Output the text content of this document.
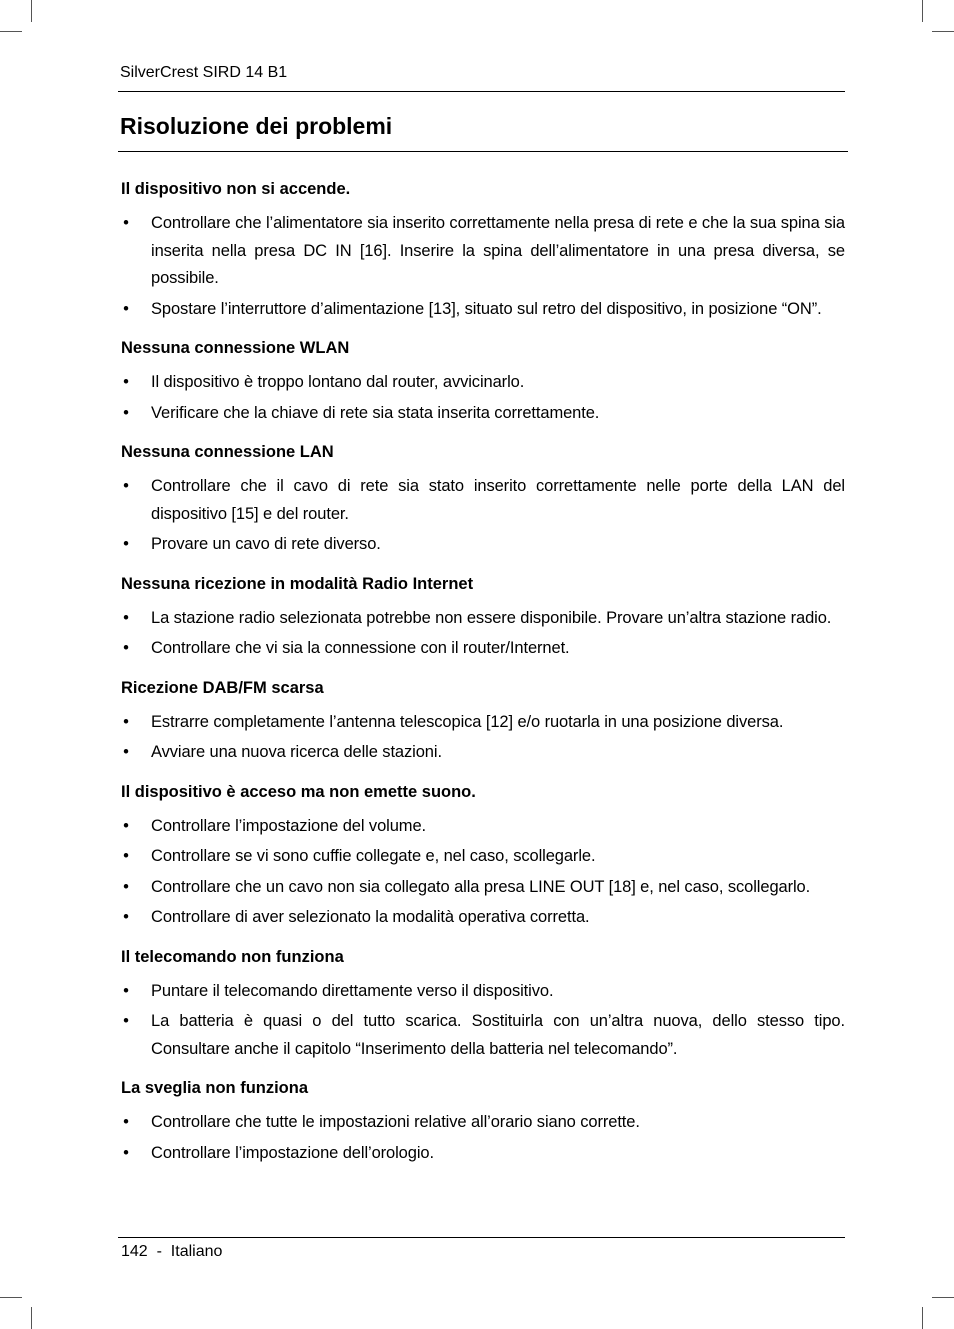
SilverCrest SIRD 14 B1
Risoluzione dei problemi
Il dispositivo non si accende.
• Controllare che l’alimentatore sia inserito correttamente nella presa di rete e che la sua spina sia inserita nella presa DC IN [16]. Inserire la spina dell’alimentatore in una presa diversa, se possibile.
• Spostare l’interruttore d’alimentazione [13], situato sul retro del dispositivo, in posizione “ON”.
Nessuna connessione WLAN
• Il dispositivo è troppo lontano dal router, avvicinarlo.
• Verificare che la chiave di rete sia stata inserita correttamente.
Nessuna connessione LAN
• Controllare che il cavo di rete sia stato inserito correttamente nelle porte della LAN del dispositivo [15] e del router.
• Provare un cavo di rete diverso.
Nessuna ricezione in modalità Radio Internet
• La stazione radio selezionata potrebbe non essere disponibile. Provare un’altra stazione radio.
• Controllare che vi sia la connessione con il router/Internet.
Ricezione DAB/FM scarsa
• Estrarre completamente l’antenna telescopica [12] e/o ruotarla in una posizione diversa.
• Avviare una nuova ricerca delle stazioni.
Il dispositivo è acceso ma non emette suono.
• Controllare l’impostazione del volume.
• Controllare se vi sono cuffie collegate e, nel caso, scollegarle.
• Controllare che un cavo non sia collegato alla presa LINE OUT [18] e, nel caso, scollegarlo.
• Controllare di aver selezionato la modalità operativa corretta.
Il telecomando non funziona
• Puntare il telecomando direttamente verso il dispositivo.
• La batteria è quasi o del tutto scarica. Sostituirla con un’altra nuova, dello stesso tipo. Consultare anche il capitolo “Inserimento della batteria nel telecomando”.
La sveglia non funziona
• Controllare che tutte le impostazioni relative all’orario siano corrette.
• Controllare l’impostazione dell’orologio.
142  -  Italiano
